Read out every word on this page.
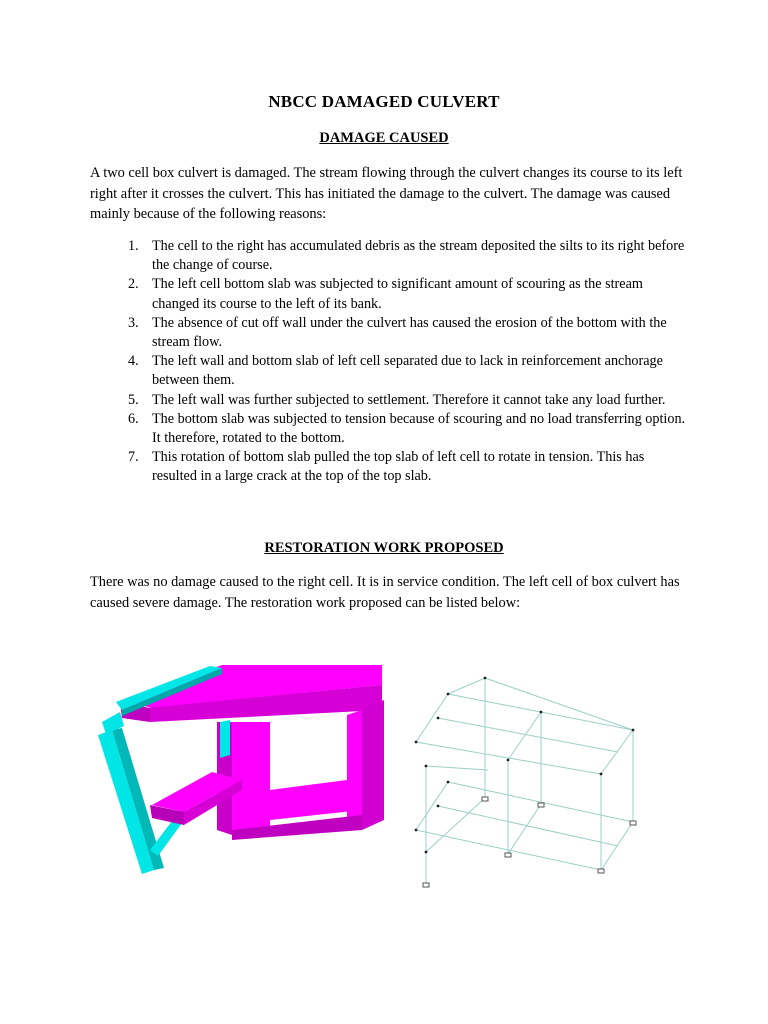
NBCC DAMAGED CULVERT
DAMAGE CAUSED
A two cell box culvert is damaged. The stream flowing through the culvert changes its course to its left right after it crosses the culvert. This has initiated the damage to the culvert. The damage was caused mainly because of the following reasons:
1. The cell to the right has accumulated debris as the stream deposited the silts to its right before the change of course.
2. The left cell bottom slab was subjected to significant amount of scouring as the stream changed its course to the left of its bank.
3. The absence of cut off wall under the culvert has caused the erosion of the bottom with the stream flow.
4. The left wall and bottom slab of left cell separated due to lack in reinforcement anchorage between them.
5. The left wall was further subjected to settlement. Therefore it cannot take any load further.
6. The bottom slab was subjected to tension because of scouring and no load transferring option. It therefore, rotated to the bottom.
7. This rotation of bottom slab pulled the top slab of left cell to rotate in tension. This has resulted in a large crack at the top of the top slab.
RESTORATION WORK PROPOSED
There was no damage caused to the right cell. It is in service condition. The left cell of box culvert has caused severe damage. The restoration work proposed can be listed below:
